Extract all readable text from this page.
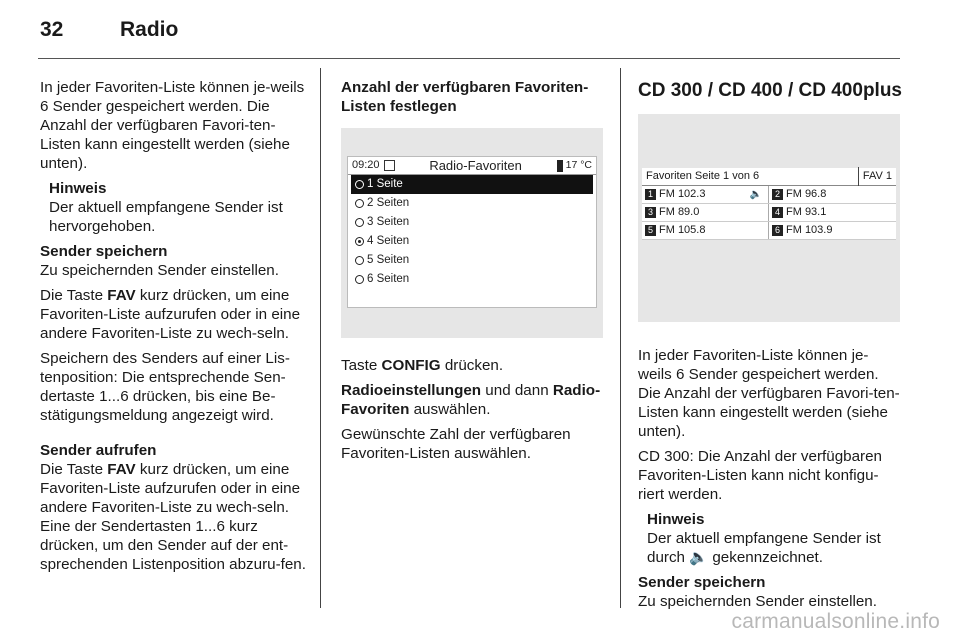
32	Radio

In jeder Favoriten-Liste können je-weils 6 Sender gespeichert werden. Die Anzahl der verfügbaren Favori-ten-Listen kann eingestellt werden (siehe unten).

Hinweis

Der aktuell empfangene Sender ist hervorgehoben.

Sender speichern

Zu speichernden Sender einstellen.

Die Taste FAV kurz drücken, um eine Favoriten-Liste aufzurufen oder in eine andere Favoriten-Liste zu wech-seln.

Speichern des Senders auf einer Lis-tenposition: Die entsprechende Sen-dertaste 1...6 drücken, bis eine Be-stätigungsmeldung angezeigt wird.

Sender aufrufen

Die Taste FAV kurz drücken, um eine Favoriten-Liste aufzurufen oder in eine andere Favoriten-Liste zu wech-seln. Eine der Sendertasten 1...6 kurz drücken, um den Sender auf der ent-sprechenden Listenposition abzuru-fen.

Anzahl der verfügbaren Favoriten-Listen festlegen
09:20	Radio-Favoriten	17 °C
1 Seite
2 Seiten
3 Seiten
4 Seiten
5 Seiten
6 Seiten

Taste CONFIG drücken.

Radioeinstellungen und dann Radio-Favoriten auswählen.

Gewünschte Zahl der verfügbaren Favoriten-Listen auswählen.

CD 300 / CD 400 / CD 400plus
Favoriten Seite 1 von 6	FAV 1
1 FM 102.3	🔈	2 FM 96.8
3 FM 89.0	4 FM 93.1
5 FM 105.8	6 FM 103.9

In jeder Favoriten-Liste können je-weils 6 Sender gespeichert werden. Die Anzahl der verfügbaren Favori-ten-Listen kann eingestellt werden (siehe unten).

CD 300: Die Anzahl der verfügbaren Favoriten-Listen kann nicht konfigu-riert werden.

Hinweis

Der aktuell empfangene Sender ist durch 🔈 gekennzeichnet.

Sender speichern

Zu speichernden Sender einstellen.

carmanualsonline.info
